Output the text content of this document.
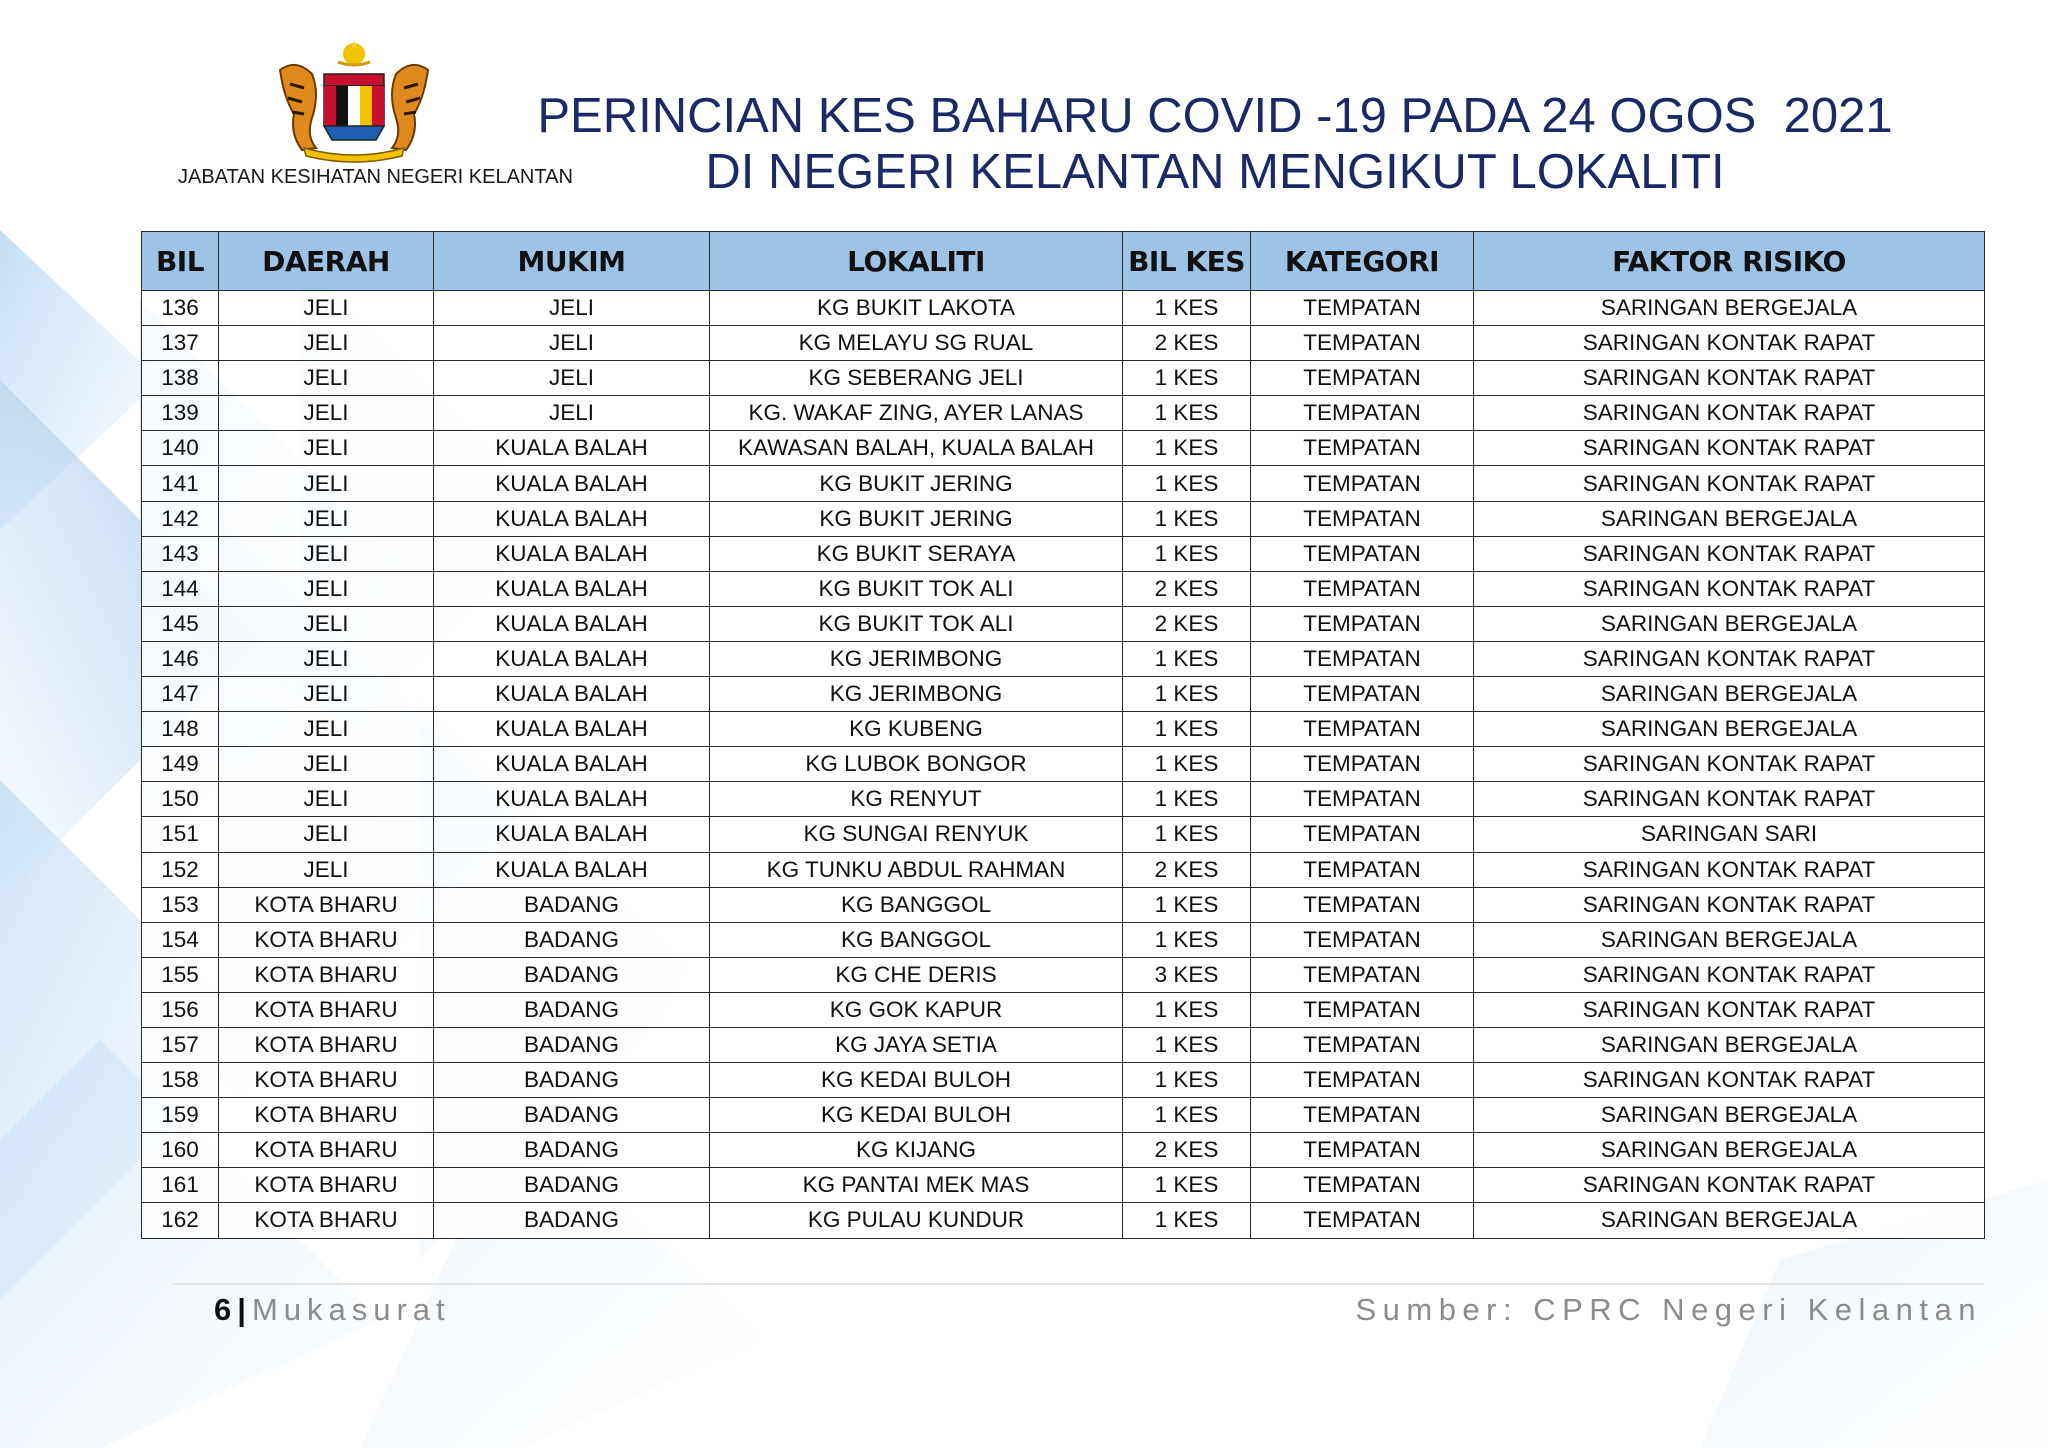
JABATAN KESIHATAN NEGERI KELANTAN
PERINCIAN KES BAHARU COVID -19 PADA 24 OGOS  2021
DI NEGERI KELANTAN MENGIKUT LOKALITI
BIL	DAERAH	MUKIM	LOKALITI	BIL KES	KATEGORI	FAKTOR RISIKO
136	JELI	JELI	KG BUKIT LAKOTA	1 KES	TEMPATAN	SARINGAN BERGEJALA
137	JELI	JELI	KG MELAYU SG RUAL	2 KES	TEMPATAN	SARINGAN KONTAK RAPAT
138	JELI	JELI	KG SEBERANG JELI	1 KES	TEMPATAN	SARINGAN KONTAK RAPAT
139	JELI	JELI	KG. WAKAF ZING, AYER LANAS	1 KES	TEMPATAN	SARINGAN KONTAK RAPAT
140	JELI	KUALA BALAH	KAWASAN BALAH, KUALA BALAH	1 KES	TEMPATAN	SARINGAN KONTAK RAPAT
141	JELI	KUALA BALAH	KG BUKIT JERING	1 KES	TEMPATAN	SARINGAN KONTAK RAPAT
142	JELI	KUALA BALAH	KG BUKIT JERING	1 KES	TEMPATAN	SARINGAN BERGEJALA
143	JELI	KUALA BALAH	KG BUKIT SERAYA	1 KES	TEMPATAN	SARINGAN KONTAK RAPAT
144	JELI	KUALA BALAH	KG BUKIT TOK ALI	2 KES	TEMPATAN	SARINGAN KONTAK RAPAT
145	JELI	KUALA BALAH	KG BUKIT TOK ALI	2 KES	TEMPATAN	SARINGAN BERGEJALA
146	JELI	KUALA BALAH	KG JERIMBONG	1 KES	TEMPATAN	SARINGAN KONTAK RAPAT
147	JELI	KUALA BALAH	KG JERIMBONG	1 KES	TEMPATAN	SARINGAN BERGEJALA
148	JELI	KUALA BALAH	KG KUBENG	1 KES	TEMPATAN	SARINGAN BERGEJALA
149	JELI	KUALA BALAH	KG LUBOK BONGOR	1 KES	TEMPATAN	SARINGAN KONTAK RAPAT
150	JELI	KUALA BALAH	KG RENYUT	1 KES	TEMPATAN	SARINGAN KONTAK RAPAT
151	JELI	KUALA BALAH	KG SUNGAI RENYUK	1 KES	TEMPATAN	SARINGAN SARI
152	JELI	KUALA BALAH	KG TUNKU ABDUL RAHMAN	2 KES	TEMPATAN	SARINGAN KONTAK RAPAT
153	KOTA BHARU	BADANG	KG BANGGOL	1 KES	TEMPATAN	SARINGAN KONTAK RAPAT
154	KOTA BHARU	BADANG	KG BANGGOL	1 KES	TEMPATAN	SARINGAN BERGEJALA
155	KOTA BHARU	BADANG	KG CHE DERIS	3 KES	TEMPATAN	SARINGAN KONTAK RAPAT
156	KOTA BHARU	BADANG	KG GOK KAPUR	1 KES	TEMPATAN	SARINGAN KONTAK RAPAT
157	KOTA BHARU	BADANG	KG JAYA SETIA	1 KES	TEMPATAN	SARINGAN BERGEJALA
158	KOTA BHARU	BADANG	KG KEDAI BULOH	1 KES	TEMPATAN	SARINGAN KONTAK RAPAT
159	KOTA BHARU	BADANG	KG KEDAI BULOH	1 KES	TEMPATAN	SARINGAN BERGEJALA
160	KOTA BHARU	BADANG	KG KIJANG	2 KES	TEMPATAN	SARINGAN BERGEJALA
161	KOTA BHARU	BADANG	KG PANTAI MEK MAS	1 KES	TEMPATAN	SARINGAN KONTAK RAPAT
162	KOTA BHARU	BADANG	KG PULAU KUNDUR	1 KES	TEMPATAN	SARINGAN BERGEJALA
6 | Mukasurat	Sumber: CPRC Negeri Kelantan
